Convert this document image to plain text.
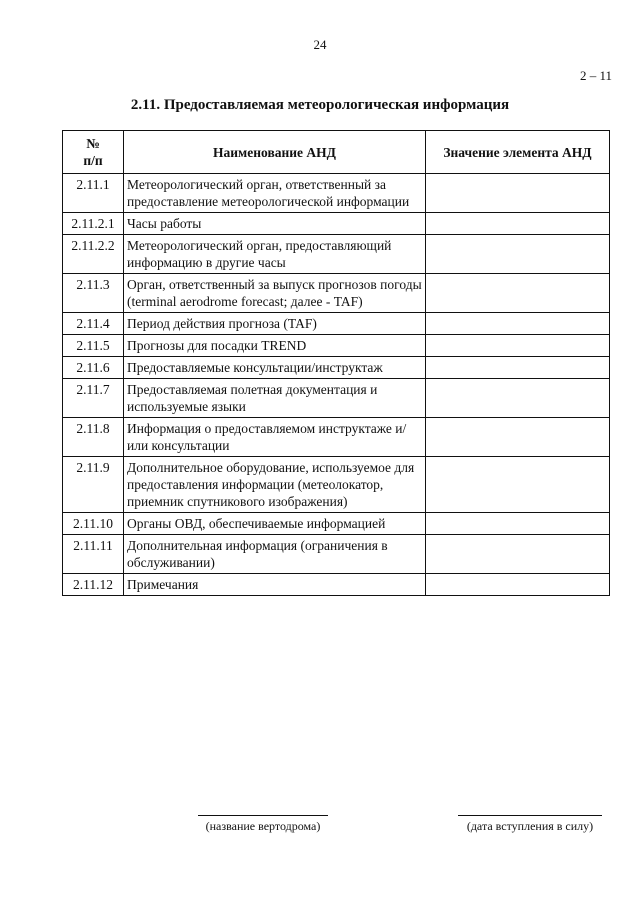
24
2 – 11
2.11. Предоставляемая метеорологическая информация
№
п/п	Наименование АНД	Значение элемента АНД
2.11.1	Метеорологический орган, ответственный за предоставление метеорологической информации	
2.11.2.1	Часы работы	
2.11.2.2	Метеорологический орган, предоставляющий информацию в другие часы	
2.11.3	Орган, ответственный за выпуск прогнозов погоды (terminal aerodrome forecast; далее - TAF)	
2.11.4	Период действия прогноза (TAF)	
2.11.5	Прогнозы для посадки TREND	
2.11.6	Предоставляемые консультации/инструктаж	
2.11.7	Предоставляемая полетная документация и используемые языки	
2.11.8	Информация о предоставляемом инструктаже и/или консультации	
2.11.9	Дополнительное оборудование, используемое для предоставления информации (метеолокатор, приемник спутникового изображения)	
2.11.10	Органы ОВД, обеспечиваемые информацией	
2.11.11	Дополнительная информация (ограничения в обслуживании)	
2.11.12	Примечания	
(название вертодрома)	(дата вступления в силу)
